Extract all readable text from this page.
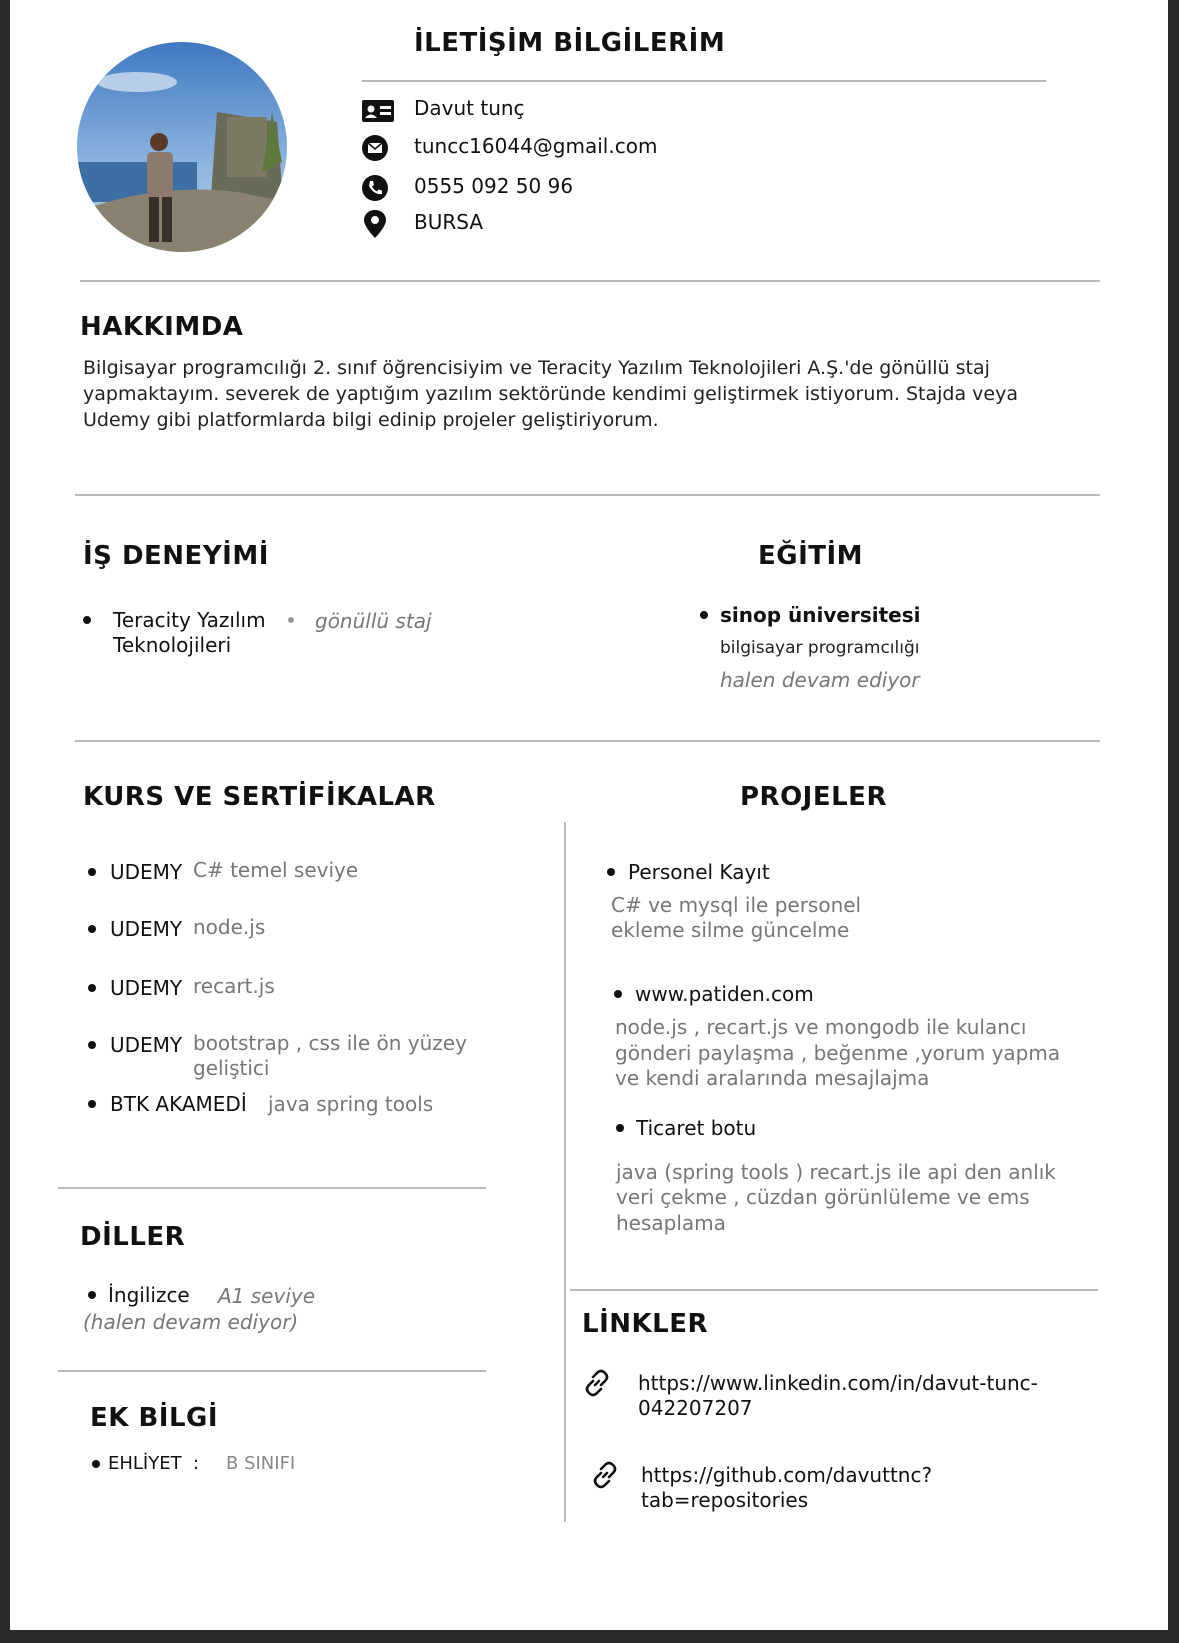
İLETİŞİM BİLGİLERİM
Davut tunç
tuncc16044@gmail.com
0555 092 50 96
BURSA
HAKKIMDA
Bilgisayar programcılığı 2. sınıf öğrencisiyim ve Teracity Yazılım Teknolojileri A.Ş.'de gönüllü staj
yapmaktayım. severek de yaptığım yazılım sektöründe kendimi geliştirmek istiyorum. Stajda veya
Udemy gibi platformlarda bilgi edinip projeler geliştiriyorum.
İŞ DENEYİMİ
Teracity Yazılım
Teknolojileri
gönüllü staj
EĞİTİM
sinop üniversitesi
bilgisayar programcılığı
halen devam ediyor
KURS VE SERTİFİKALAR
UDEMY C# temel seviye
UDEMY node.js
UDEMY recart.js
UDEMY bootstrap , css ile ön yüzey
geliştici
BTK AKAMEDİ java spring tools
DİLLER
İngilizce A1 seviye
(halen devam ediyor)
EK BİLGİ
EHLİYET  : B SINIFI
PROJELER
Personel Kayıt
C# ve mysql ile personel
ekleme silme güncelme
www.patiden.com
node.js , recart.js ve mongodb ile kulancı
gönderi paylaşma , beğenme ,yorum yapma
ve kendi aralarında mesajlajma
Ticaret botu
java (spring tools ) recart.js ile api den anlık
veri çekme , cüzdan görünlüleme ve ems
hesaplama
LİNKLER
https://www.linkedin.com/in/davut-tunc-
042207207
https://github.com/davuttnc?
tab=repositories
